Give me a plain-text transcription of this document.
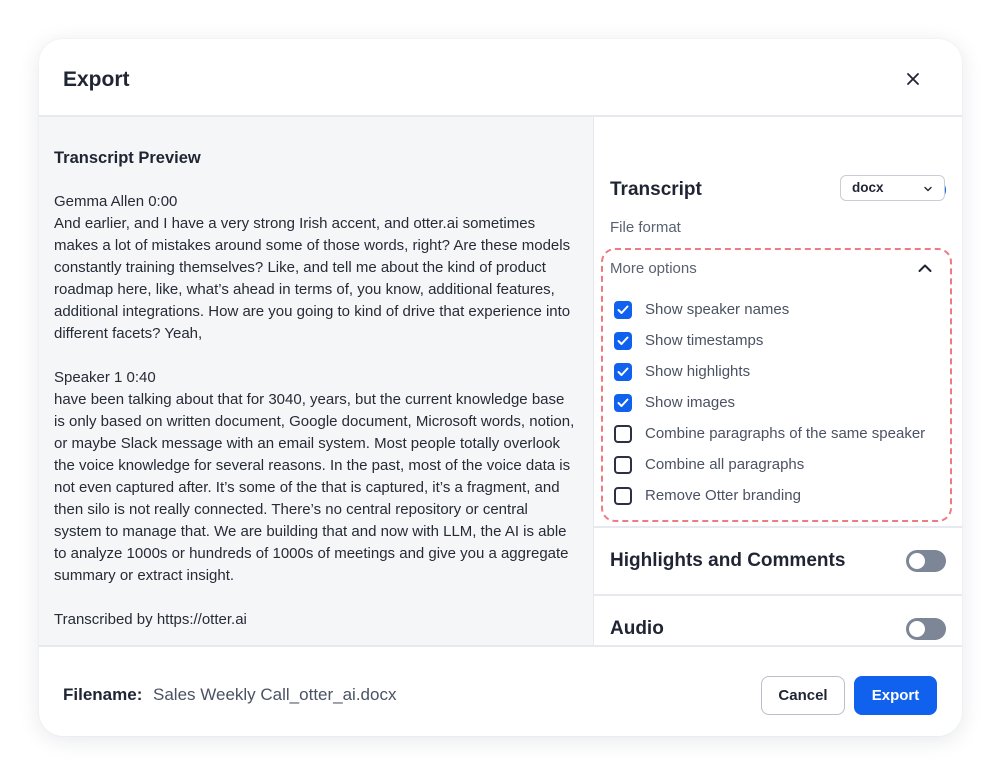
Export
Transcript Preview
Gemma Allen 0:00
And earlier, and I have a very strong Irish accent, and otter.ai sometimes makes a lot of mistakes around some of those words, right? Are these models constantly training themselves? Like, and tell me about the kind of product roadmap here, like, what’s ahead in terms of, you know, additional features, additional integrations. How are you going to kind of drive that experience into different facets? Yeah,
Speaker 1 0:40
have been talking about that for 3040, years, but the current knowledge base is only based on written document, Google document, Microsoft words, notion, or maybe Slack message with an email system. Most people totally overlook the voice knowledge for several reasons. In the past, most of the voice data is not even captured after. It’s some of the that is captured, it’s a fragment, and then silo is not really connected. There’s no central repository or central system to manage that. We are building that and now with LLM, the AI is able to analyze 1000s or hundreds of 1000s of meetings and give you a aggregate summary or extract insight.
Transcribed by https://otter.ai
Transcript
File format
docx
More options
Show speaker names
Show timestamps
Show highlights
Show images
Combine paragraphs of the same speaker
Combine all paragraphs
Remove Otter branding
Highlights and Comments
Audio
Filename: Sales Weekly Call_otter_ai.docx	Cancel	Export
